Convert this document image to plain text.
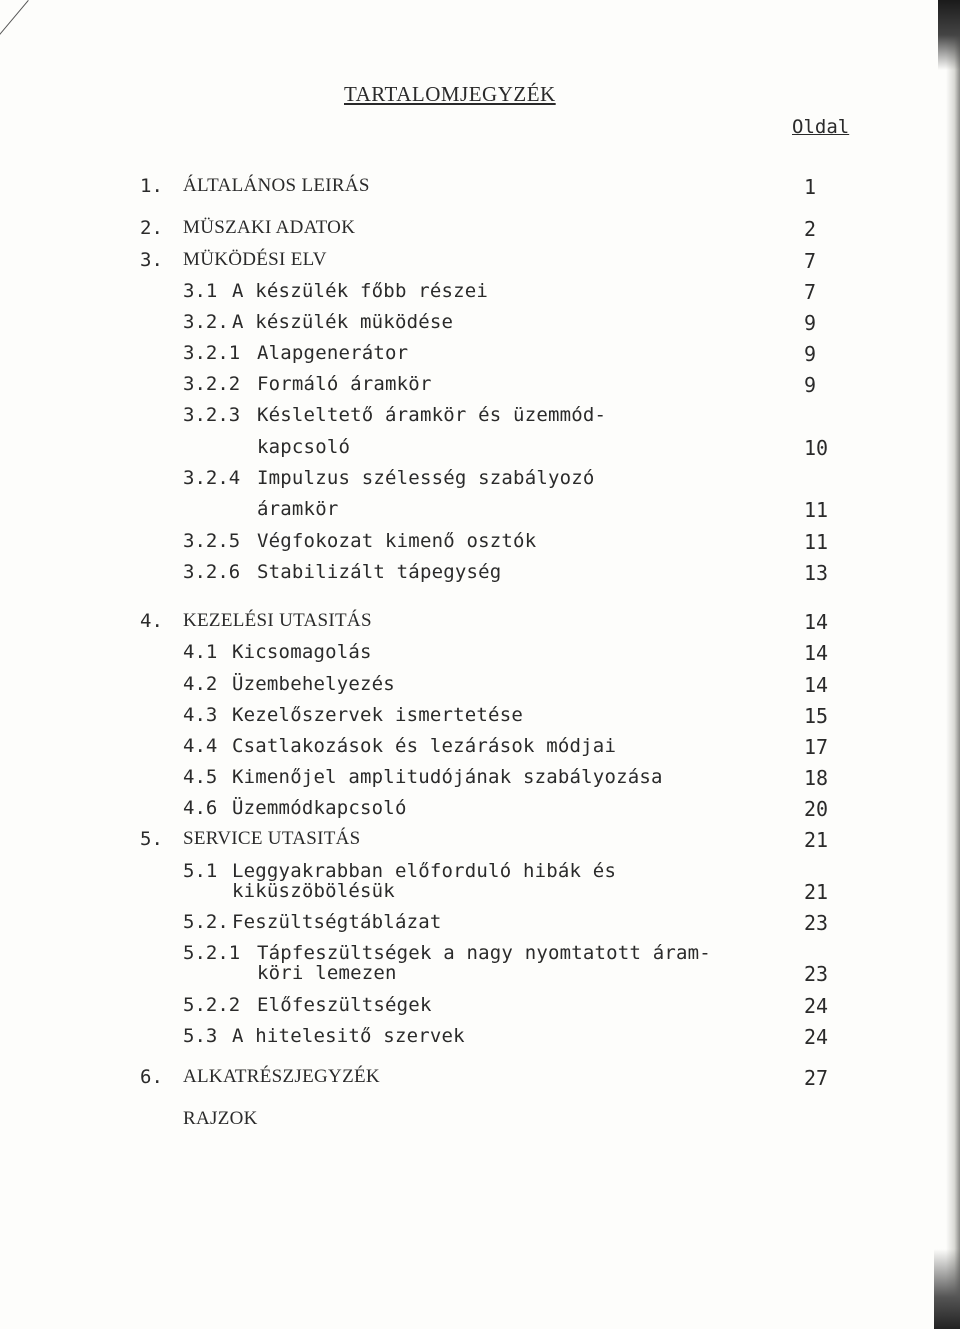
TARTALOMJEGYZÉK
Oldal
1. ÁLTALÁNOS LEIRÁS	1
2. MÜSZAKI ADATOK	2
3. MÜKÖDÉSI ELV	7
3.1 A készülék főbb részei	7
3.2. A készülék müködése	9
3.2.1 Alapgenerátor	9
3.2.2 Formáló áramkör	9
3.2.3 Késleltető áramkör és üzemmód-
kapcsoló	10
3.2.4 Impulzus szélesség szabályozó
áramkör	11
3.2.5 Végfokozat kimenő osztók	11
3.2.6 Stabilizált tápegység	13
4. KEZELÉSI UTASITÁS	14
4.1 Kicsomagolás	14
4.2 Üzembehelyezés	14
4.3 Kezelőszervek ismertetése	15
4.4 Csatlakozások és lezárások módjai	17
4.5 Kimenőjel amplitudójának szabályozása	18
4.6 Üzemmódkapcsoló	20
5. SERVICE UTASITÁS	21
5.1 Leggyakrabban előforduló hibák és
kiküszöbölésük	21
5.2. Feszültségtáblázat	23
5.2.1 Tápfeszültségek a nagy nyomtatott áram-
köri lemezen	23
5.2.2 Előfeszültségek	24
5.3 A hitelesitő szervek	24
6. ALKATRÉSZJEGYZÉK	27
RAJZOK
